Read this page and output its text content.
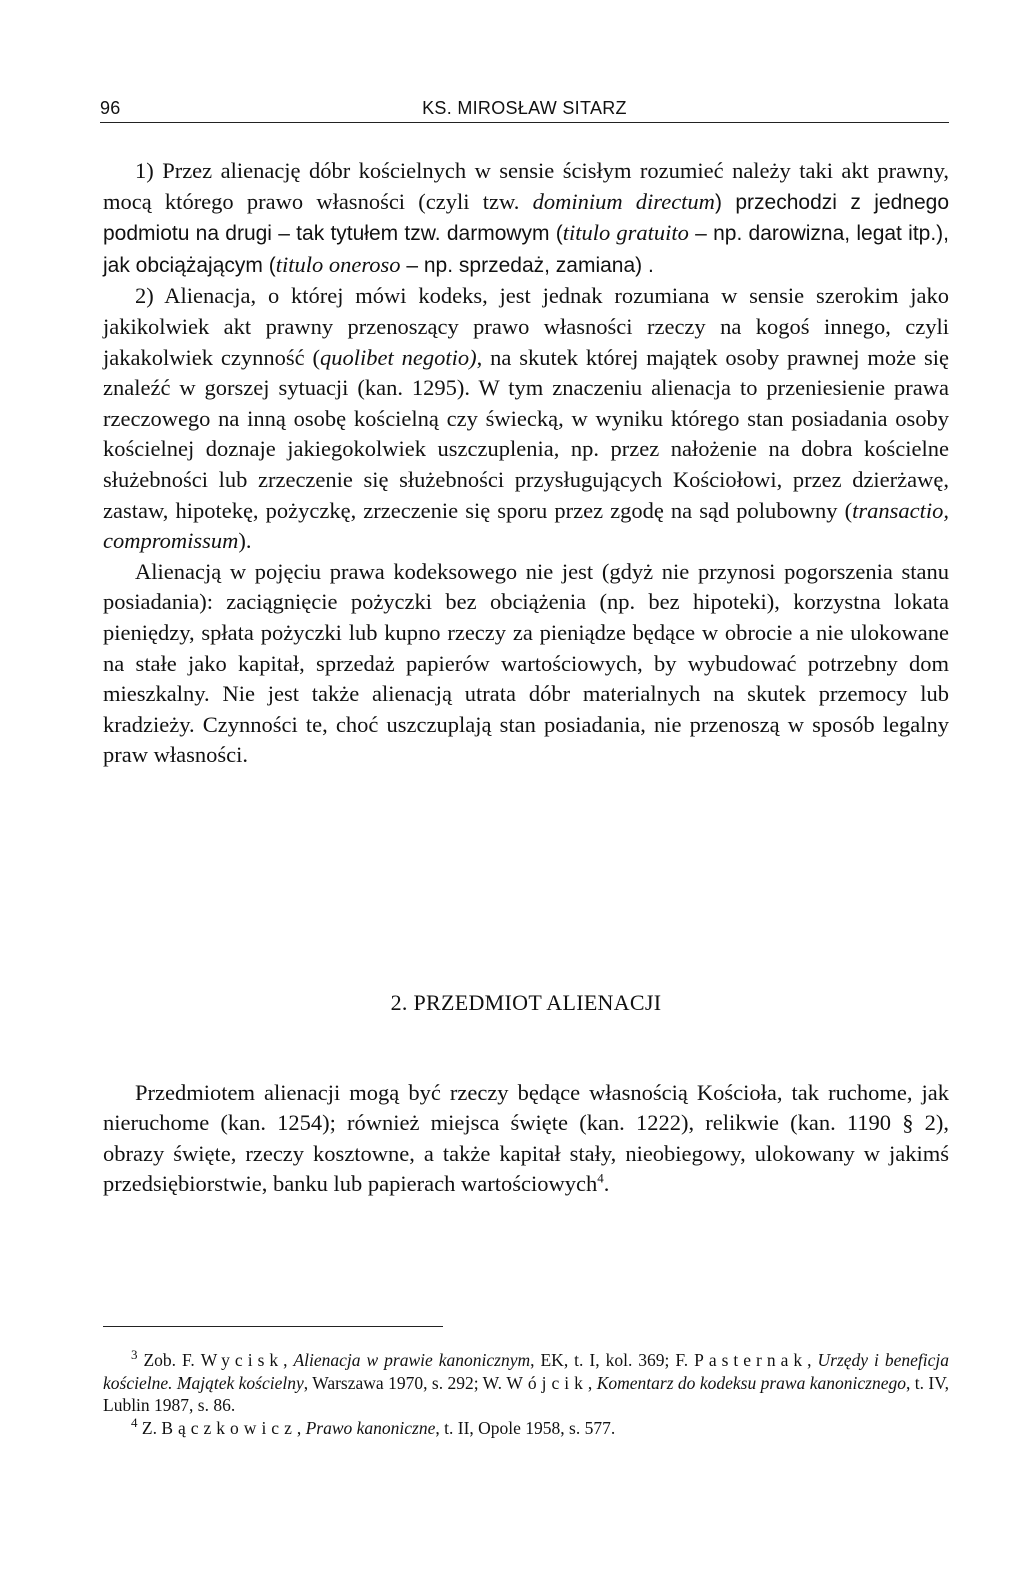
96	KS. MIROSŁAW SITARZ

1) Przez alienację dóbr kościelnych w sensie ścisłym rozumieć należy taki akt prawny, mocą którego prawo własności (czyli tzw. dominium directum) przechodzi z jednego podmiotu na drugi – tak tytułem tzw. darmowym (titulo gratuito – np. darowizna, legat itp.), jak obciążającym (titulo oneroso – np. sprzedaż, zamiana) .

2) Alienacja, o której mówi kodeks, jest jednak rozumiana w sensie szerokim jako jakikolwiek akt prawny przenoszący prawo własności rzeczy na kogoś innego, czyli jakakolwiek czynność (quolibet negotio), na skutek której majątek osoby prawnej może się znaleźć w gorszej sytuacji (kan. 1295). W tym znaczeniu alienacja to przeniesienie prawa rzeczowego na inną osobę kościelną czy świecką, w wyniku którego stan posiadania osoby kościelnej doznaje jakiegokolwiek uszczuplenia, np. przez nałożenie na dobra kościelne służebności lub zrzeczenie się służebności przysługujących Kościołowi, przez dzierżawę, zastaw, hipotekę, pożyczkę, zrzeczenie się sporu przez zgodę na sąd polubowny (transactio, compromissum).

Alienacją w pojęciu prawa kodeksowego nie jest (gdyż nie przynosi pogorszenia stanu posiadania): zaciągnięcie pożyczki bez obciążenia (np. bez hipoteki), korzystna lokata pieniędzy, spłata pożyczki lub kupno rzeczy za pieniądze będące w obrocie a nie ulokowane na stałe jako kapitał, sprzedaż papierów wartościowych, by wybudować potrzebny dom mieszkalny. Nie jest także alienacją utrata dóbr materialnych na skutek przemocy lub kradzieży. Czynności te, choć uszczuplają stan posiadania, nie przenoszą w sposób legalny praw własności.

2. PRZEDMIOT ALIENACJI

Przedmiotem alienacji mogą być rzeczy będące własnością Kościoła, tak ruchome, jak nieruchome (kan. 1254); również miejsca święte (kan. 1222), relikwie (kan. 1190 § 2), obrazy święte, rzeczy kosztowne, a także kapitał stały, nieobiegowy, ulokowany w jakimś przedsiębiorstwie, banku lub papierach wartościowych$^4$.

$^3$ Zob. F. Wycisk, Alienacja w prawie kanonicznym, EK, t. I, kol. 369; F. Pasternak, Urzędy i beneficja kościelne. Majątek kościelny, Warszawa 1970, s. 292; W. Wójcik, Komentarz do kodeksu prawa kanonicznego, t. IV, Lublin 1987, s. 86.

$^4$ Z. Bączkowicz, Prawo kanoniczne, t. II, Opole 1958, s. 577.
